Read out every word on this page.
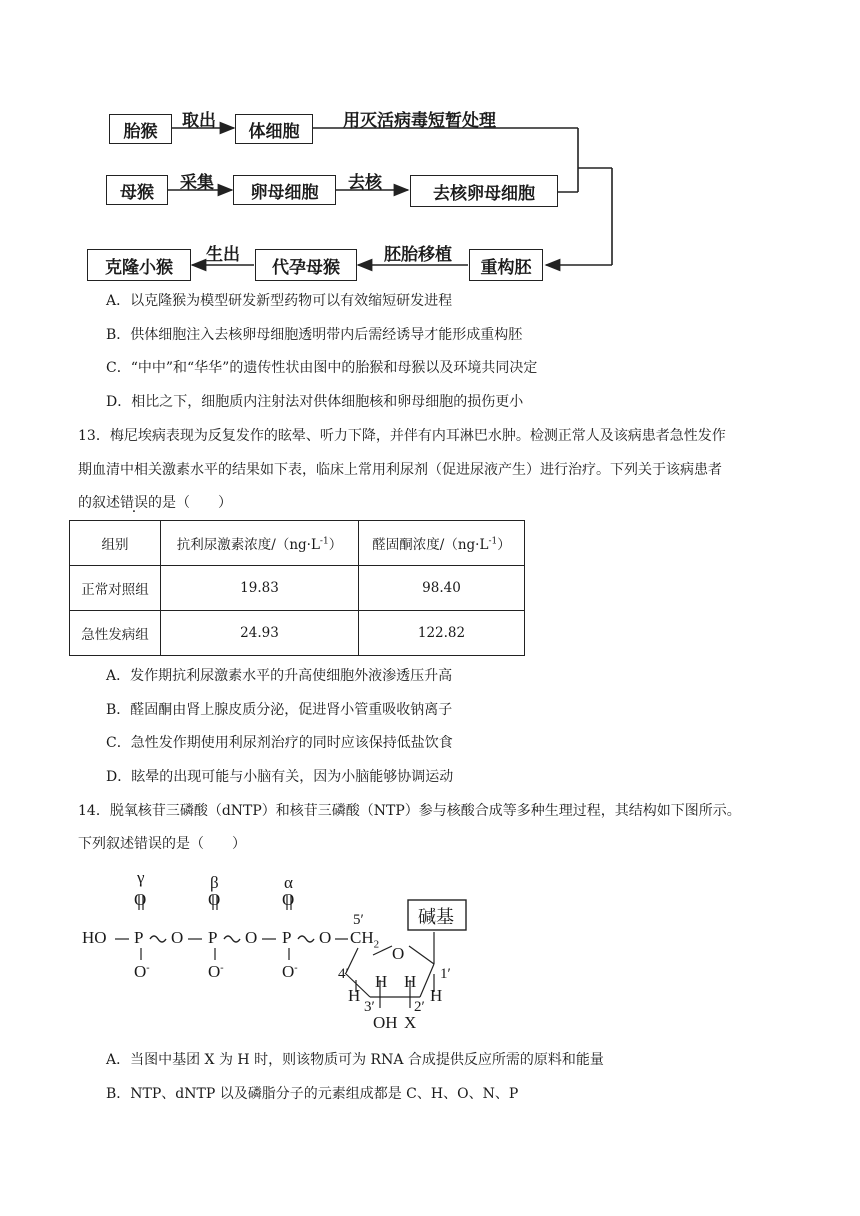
胎猴
取出
体细胞
用灭活病毒短暂处理
母猴	采集	卵母细胞	去核
去核卵母细胞
克隆小猴
生出
代孕母猴
胚胎移植
重构胚
A．以克隆猴为模型研发新型药物可以有效缩短研发进程
B．供体细胞注入去核卵母细胞透明带内后需经诱导才能形成重构胚
C．“中中”和“华华”的遗传性状由图中的胎猴和母猴以及环境共同决定
D．相比之下，细胞质内注射法对供体细胞核和卵母细胞的损伤更小
13．梅尼埃病表现为反复发作的眩晕、听力下降，并伴有内耳淋巴水肿。检测正常人及该病患者急性发作
期血清中相关激素水平的结果如下表，临床上常用利尿剂（促进尿液产生）进行治疗。下列关于该病患者
的叙述错误的是（　　）
组别	抗利尿激素浓度$/(ng\cdot L^{-1})$	醛固酮浓度$/(ng\cdot L^{-1})$
正常对照组	19.83	98.40
急性发病组	24.93	122.82
A．发作期抗利尿激素水平的升高使细胞外液渗透压升高
B．醛固酮由肾上腺皮质分泌，促进肾小管重吸收钠离子
C．急性发作期使用利尿剂治疗的同时应该保持低盐饮食
D．眩晕的出现可能与小脑有关，因为小脑能够协调运动
14．脱氧核苷三磷酸（dNTP）和核苷三磷酸（NTP）参与核酸合成等多种生理过程，其结构如下图所示。
下列叙述错误的是（　　）
γ	β	α
O	O	O
HO P O P O P O
5′
$CH_2$ O
碱基
O-	O-	O-	4′	1′
H H
H	H
3′	2′
OH X
A．当图中基团 X 为 H 时，则该物质可为 RNA 合成提供反应所需的原料和能量
B．NTP、dNTP 以及磷脂分子的元素组成都是 C、H、O、N、P
